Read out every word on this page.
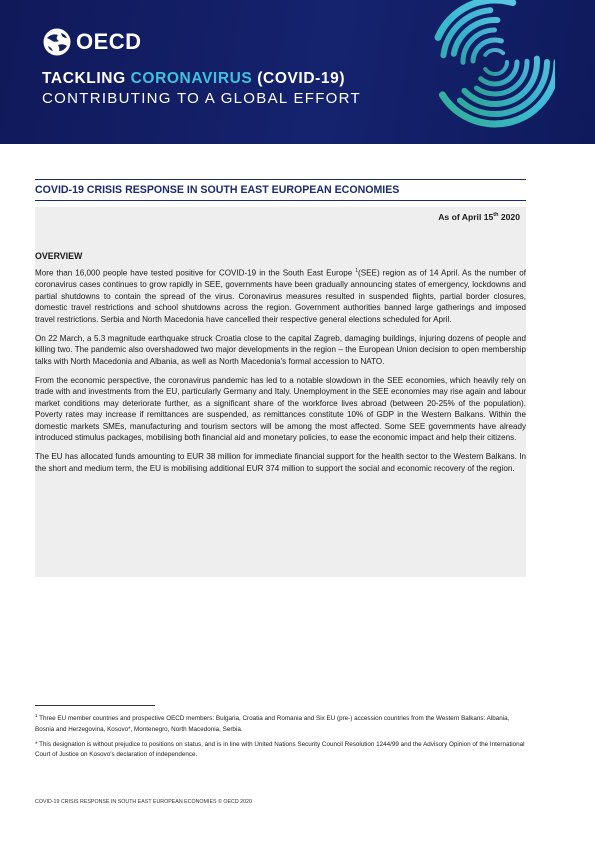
OECD
TACKLING CORONAVIRUS (COVID-19)
CONTRIBUTING TO A GLOBAL EFFORT
COVID-19 CRISIS RESPONSE IN SOUTH EAST EUROPEAN ECONOMIES
As of April 15th 2020
OVERVIEW

More than 16,000 people have tested positive for COVID-19 in the South East Europe $^1$(SEE) region as of 14 April. As the number of coronavirus cases continues to grow rapidly in SEE, governments have been gradually announcing states of emergency, lockdowns and partial shutdowns to contain the spread of the virus. Coronavirus measures resulted in suspended flights, partial border closures, domestic travel restrictions and school shutdowns across the region. Government authorities banned large gatherings and imposed travel restrictions. Serbia and North Macedonia have cancelled their respective general elections scheduled for April.

On 22 March, a 5.3 magnitude earthquake struck Croatia close to the capital Zagreb, damaging buildings, injuring dozens of people and killing two. The pandemic also overshadowed two major developments in the region – the European Union decision to open membership talks with North Macedonia and Albania, as well as North Macedonia's formal accession to NATO.

From the economic perspective, the coronavirus pandemic has led to a notable slowdown in the SEE economies, which heavily rely on trade with and investments from the EU, particularly Germany and Italy. Unemployment in the SEE economies may rise again and labour market conditions may deteriorate further, as a significant share of the workforce lives abroad (between 20-25% of the population). Poverty rates may increase if remittances are suspended, as remittances constitute 10% of GDP in the Western Balkans. Within the domestic markets SMEs, manufacturing and tourism sectors will be among the most affected. Some SEE governments have already introduced stimulus packages, mobilising both financial aid and monetary policies, to ease the economic impact and help their citizens.

The EU has allocated funds amounting to EUR 38 million for immediate financial support for the health sector to the Western Balkans. In the short and medium term, the EU is mobilising additional EUR 374 million to support the social and economic recovery of the region.

$^1$ Three EU member countries and prospective OECD members: Bulgaria, Croatia and Romania and Six EU (pre-) accession countries from the Western Balkans: Albania, Bosnia and Herzegovina, Kosovo*, Montenegro, North Macedonia, Serbia.

* This designation is without prejudice to positions on status, and is in line with United Nations Security Council Resolution 1244/99 and the Advisory Opinion of the International Court of Justice on Kosovo's declaration of independence.

COVID-19 CRISIS RESPONSE IN SOUTH EAST EUROPEAN ECONOMIES © OECD 2020
